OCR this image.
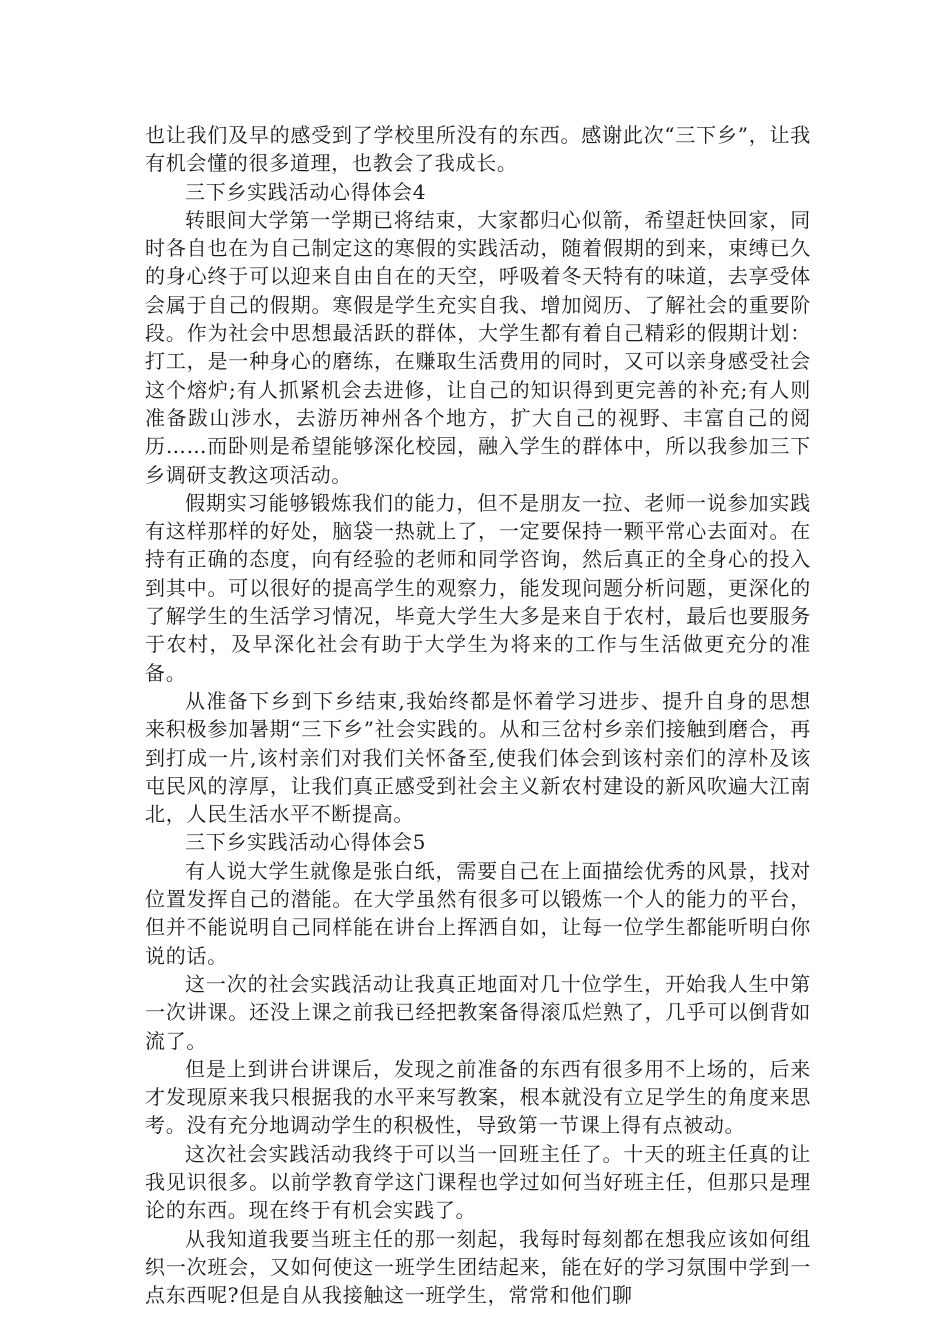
也让我们及早的感受到了学校里所没有的东西。感谢此次“三下乡”，让我有机会懂的很多道理，也教会了我成长。

三下乡实践活动心得体会4

转眼间大学第一学期已将结束，大家都归心似箭，希望赶快回家，同时各自也在为自己制定这的寒假的实践活动，随着假期的到来，束缚已久的身心终于可以迎来自由自在的天空，呼吸着冬天特有的味道，去享受体会属于自己的假期。寒假是学生充实自我、增加阅历、了解社会的重要阶段。作为社会中思想最活跃的群体，大学生都有着自己精彩的假期计划：打工，是一种身心的磨练，在赚取生活费用的同时，又可以亲身感受社会这个熔炉;有人抓紧机会去进修，让自己的知识得到更完善的补充;有人则准备跋山涉水，去游历神州各个地方，扩大自己的视野、丰富自己的阅历……而卧则是希望能够深化校园，融入学生的群体中，所以我参加三下乡调研支教这项活动。

假期实习能够锻炼我们的能力，但不是朋友一拉、老师一说参加实践有这样那样的好处，脑袋一热就上了，一定要保持一颗平常心去面对。在持有正确的态度，向有经验的老师和同学咨询，然后真正的全身心的投入到其中。可以很好的提高学生的观察力，能发现问题分析问题，更深化的了解学生的生活学习情况，毕竟大学生大多是来自于农村，最后也要服务于农村，及早深化社会有助于大学生为将来的工作与生活做更充分的准备。

从准备下乡到下乡结束,我始终都是怀着学习进步、提升自身的思想来积极参加暑期“三下乡”社会实践的。从和三岔村乡亲们接触到磨合，再到打成一片,该村亲们对我们关怀备至,使我们体会到该村亲们的淳朴及该屯民风的淳厚，让我们真正感受到社会主义新农村建设的新风吹遍大江南北，人民生活水平不断提高。

三下乡实践活动心得体会5

有人说大学生就像是张白纸，需要自己在上面描绘优秀的风景，找对位置发挥自己的潜能。在大学虽然有很多可以锻炼一个人的能力的平台，但并不能说明自己同样能在讲台上挥洒自如，让每一位学生都能听明白你说的话。

这一次的社会实践活动让我真正地面对几十位学生，开始我人生中第一次讲课。还没上课之前我已经把教案备得滚瓜烂熟了，几乎可以倒背如流了。

但是上到讲台讲课后，发现之前准备的东西有很多用不上场的，后来才发现原来我只根据我的水平来写教案，根本就没有立足学生的角度来思考。没有充分地调动学生的积极性，导致第一节课上得有点被动。

这次社会实践活动我终于可以当一回班主任了。十天的班主任真的让我见识很多。以前学教育学这门课程也学过如何当好班主任，但那只是理论的东西。现在终于有机会实践了。

从我知道我要当班主任的那一刻起，我每时每刻都在想我应该如何组织一次班会，又如何使这一班学生团结起来，能在好的学习氛围中学到一点东西呢?但是自从我接触这一班学生，常常和他们聊
